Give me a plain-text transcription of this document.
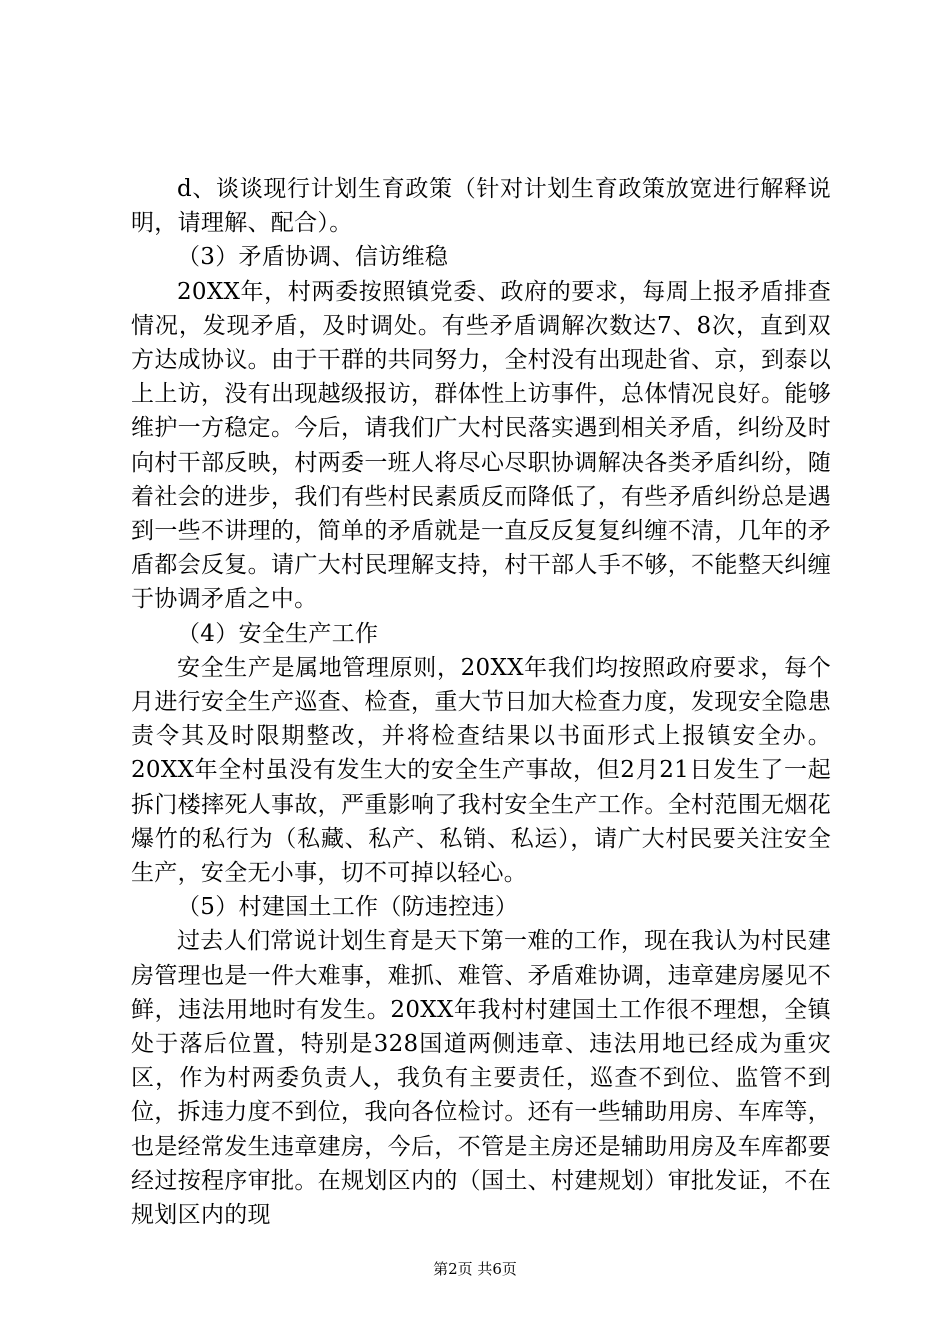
d、谈谈现行计划生育政策（针对计划生育政策放宽进行解释说明，请理解、配合）。

（3）矛盾协调、信访维稳

20XX年，村两委按照镇党委、政府的要求，每周上报矛盾排查情况，发现矛盾，及时调处。有些矛盾调解次数达7、8次，直到双方达成协议。由于干群的共同努力，全村没有出现赴省、京，到泰以上上访，没有出现越级报访，群体性上访事件，总体情况良好。能够维护一方稳定。今后，请我们广大村民落实遇到相关矛盾，纠纷及时向村干部反映，村两委一班人将尽心尽职协调解决各类矛盾纠纷，随着社会的进步，我们有些村民素质反而降低了，有些矛盾纠纷总是遇到一些不讲理的，简单的矛盾就是一直反反复复纠缠不清，几年的矛盾都会反复。请广大村民理解支持，村干部人手不够，不能整天纠缠于协调矛盾之中。

（4）安全生产工作

安全生产是属地管理原则，20XX年我们均按照政府要求，每个月进行安全生产巡查、检查，重大节日加大检查力度，发现安全隐患责令其及时限期整改，并将检查结果以书面形式上报镇安全办。20XX年全村虽没有发生大的安全生产事故，但2月21日发生了一起拆门楼摔死人事故，严重影响了我村安全生产工作。全村范围无烟花爆竹的私行为（私藏、私产、私销、私运），请广大村民要关注安全生产，安全无小事，切不可掉以轻心。

（5）村建国土工作（防违控违）

过去人们常说计划生育是天下第一难的工作，现在我认为村民建房管理也是一件大难事，难抓、难管、矛盾难协调，违章建房屡见不鲜，违法用地时有发生。20XX年我村村建国土工作很不理想，全镇处于落后位置，特别是328国道两侧违章、违法用地已经成为重灾区，作为村两委负责人，我负有主要责任，巡查不到位、监管不到位，拆违力度不到位，我向各位检讨。还有一些辅助用房、车库等，也是经常发生违章建房，今后，不管是主房还是辅助用房及车库都要经过按程序审批。在规划区内的（国土、村建规划）审批发证，不在规划区内的现

第2页 共6页
